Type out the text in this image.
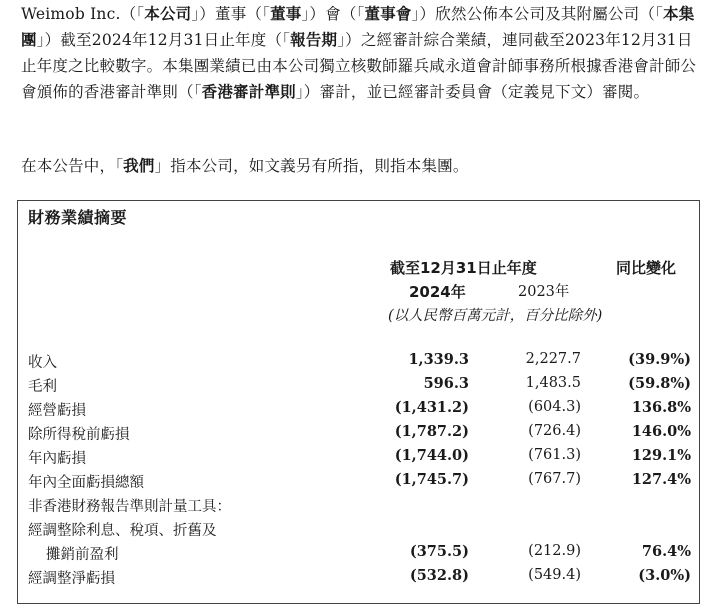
Weimob Inc.（「本公司」）董事（「董事」）會（「董事會」）欣然公佈本公司及其附屬公司（「本集團」）截至2024年12月31日止年度（「報告期」）之經審計綜合業績，連同截至2023年12月31日止年度之比較數字。本集團業績已由本公司獨立核數師羅兵咸永道會計師事務所根據香港會計師公會頒佈的香港審計準則（「香港審計準則」）審計，並已經審計委員會（定義見下文）審閱。
在本公告中，「我們」指本公司，如文義另有所指，則指本集團。
財務業績摘要
截至12月31日止年度	同比變化
2024年	2023年
(以人民幣百萬元計，百分比除外)
收入	1,339.3	2,227.7	(39.9%)
毛利	596.3	1,483.5	(59.8%)
經營虧損	(1,431.2)	(604.3)	136.8%
除所得稅前虧損	(1,787.2)	(726.4)	146.0%
年內虧損	(1,744.0)	(761.3)	129.1%
年內全面虧損總額	(1,745.7)	(767.7)	127.4%
非香港財務報告準則計量工具：
經調整除利息、稅項、折舊及
攤銷前盈利	(375.5)	(212.9)	76.4%
經調整淨虧損	(532.8)	(549.4)	(3.0%)
